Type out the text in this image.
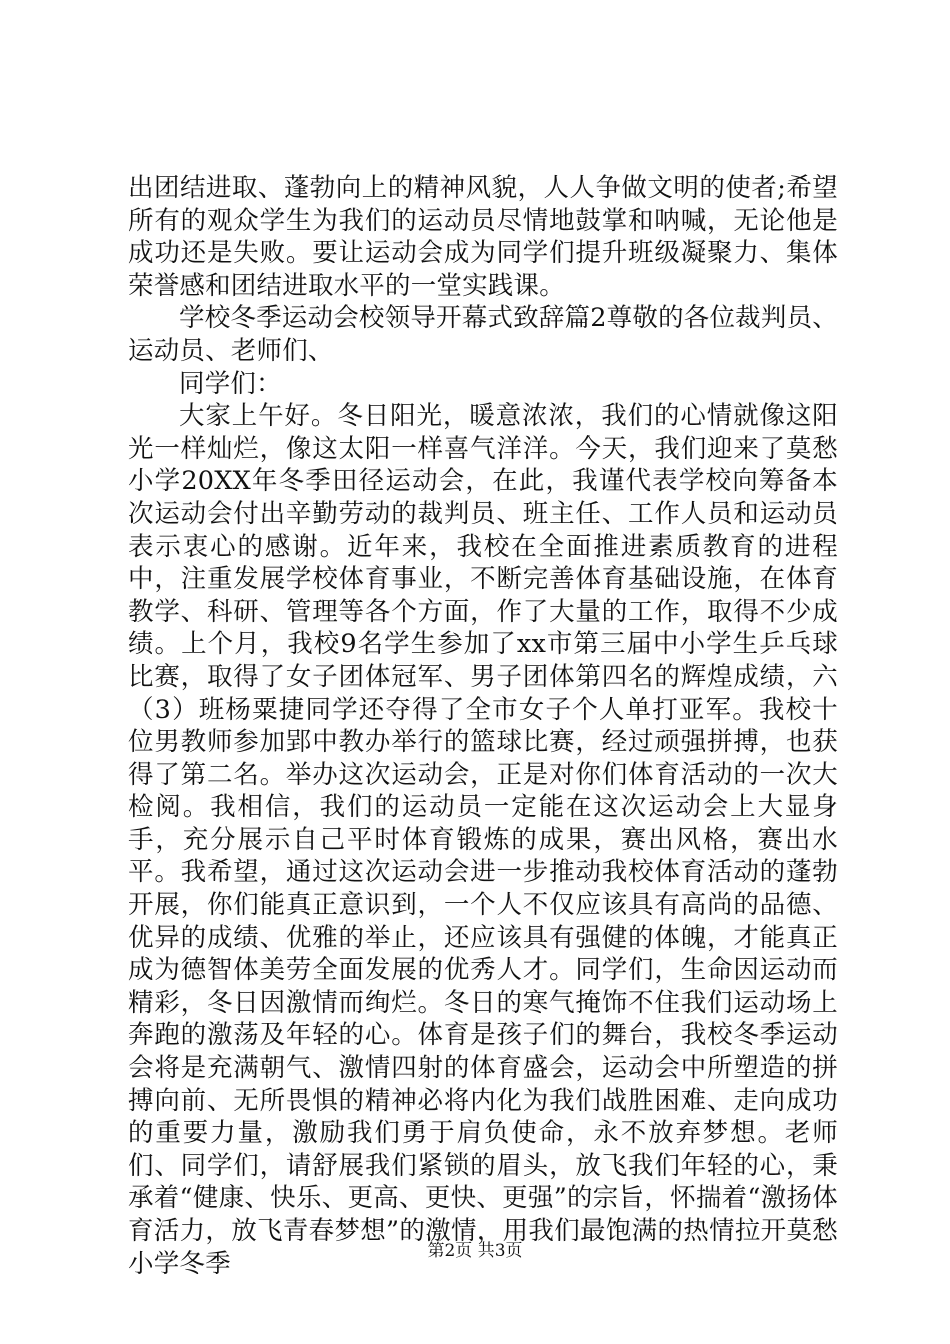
出团结进取、蓬勃向上的精神风貌，人人争做文明的使者;希望所有的观众学生为我们的运动员尽情地鼓掌和呐喊，无论他是成功还是失败。要让运动会成为同学们提升班级凝聚力、集体荣誉感和团结进取水平的一堂实践课。

学校冬季运动会校领导开幕式致辞篇2尊敬的各位裁判员、运动员、老师们、

同学们：

大家上午好。冬日阳光，暖意浓浓，我们的心情就像这阳光一样灿烂，像这太阳一样喜气洋洋。今天，我们迎来了莫愁小学20XX年冬季田径运动会，在此，我谨代表学校向筹备本次运动会付出辛勤劳动的裁判员、班主任、工作人员和运动员表示衷心的感谢。近年来，我校在全面推进素质教育的进程中，注重发展学校体育事业，不断完善体育基础设施，在体育教学、科研、管理等各个方面，作了大量的工作，取得不少成绩。上个月，我校9名学生参加了xx市第三届中小学生乒乓球比赛，取得了女子团体冠军、男子团体第四名的辉煌成绩，六（3）班杨粟捷同学还夺得了全市女子个人单打亚军。我校十位男教师参加郢中教办举行的篮球比赛，经过顽强拼搏，也获得了第二名。举办这次运动会，正是对你们体育活动的一次大检阅。我相信，我们的运动员一定能在这次运动会上大显身手，充分展示自己平时体育锻炼的成果，赛出风格，赛出水平。我希望，通过这次运动会进一步推动我校体育活动的蓬勃开展，你们能真正意识到，一个人不仅应该具有高尚的品德、优异的成绩、优雅的举止，还应该具有强健的体魄，才能真正成为德智体美劳全面发展的优秀人才。同学们，生命因运动而精彩，冬日因激情而绚烂。冬日的寒气掩饰不住我们运动场上奔跑的激荡及年轻的心。体育是孩子们的舞台，我校冬季运动会将是充满朝气、激情四射的体育盛会，运动会中所塑造的拼搏向前、无所畏惧的精神必将内化为我们战胜困难、走向成功的重要力量，激励我们勇于肩负使命，永不放弃梦想。老师们、同学们，请舒展我们紧锁的眉头，放飞我们年轻的心，秉承着“健康、快乐、更高、更快、更强”的宗旨，怀揣着“激扬体育活力，放飞青春梦想”的激情，用我们最饱满的热情拉开莫愁小学冬季	第2页 共3页
